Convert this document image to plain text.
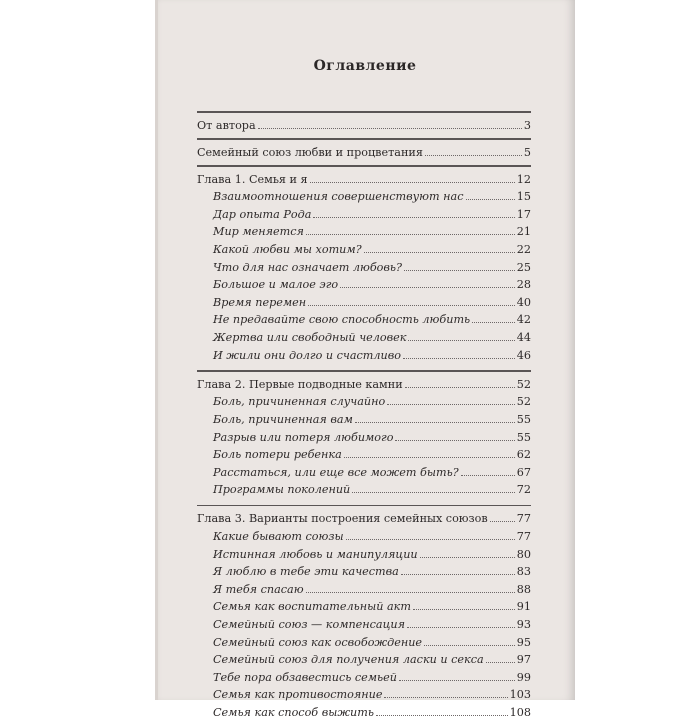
Оглавление
От автора	3
Семейный союз любви и процветания	5
Глава 1. Семья и я	12
Взаимоотношения совершенствуют нас	15
Дар опыта Рода	17
Мир меняется	21
Какой любви мы хотим?	22
Что для нас означает любовь?	25
Большое и малое эго	28
Время перемен	40
Не предавайте свою способность любить	42
Жертва или свободный человек	44
И жили они долго и счастливо	46
Глава 2. Первые подводные камни	52
Боль, причиненная случайно	52
Боль, причиненная вам	55
Разрыв или потеря любимого	55
Боль потери ребенка	62
Расстаться, или еще все может быть?	67
Программы поколений	72
Глава 3. Варианты построения семейных союзов	77
Какие бывают союзы	77
Истинная любовь и манипуляции	80
Я люблю в тебе эти качества	83
Я тебя спасаю	88
Семья как воспитательный акт	91
Семейный союз — компенсация	93
Семейный союз как освобождение	95
Семейный союз для получения ласки и секса	97
Тебе пора обзавестись семьей	99
Семья как противостояние	103
Семья как способ выжить	108
